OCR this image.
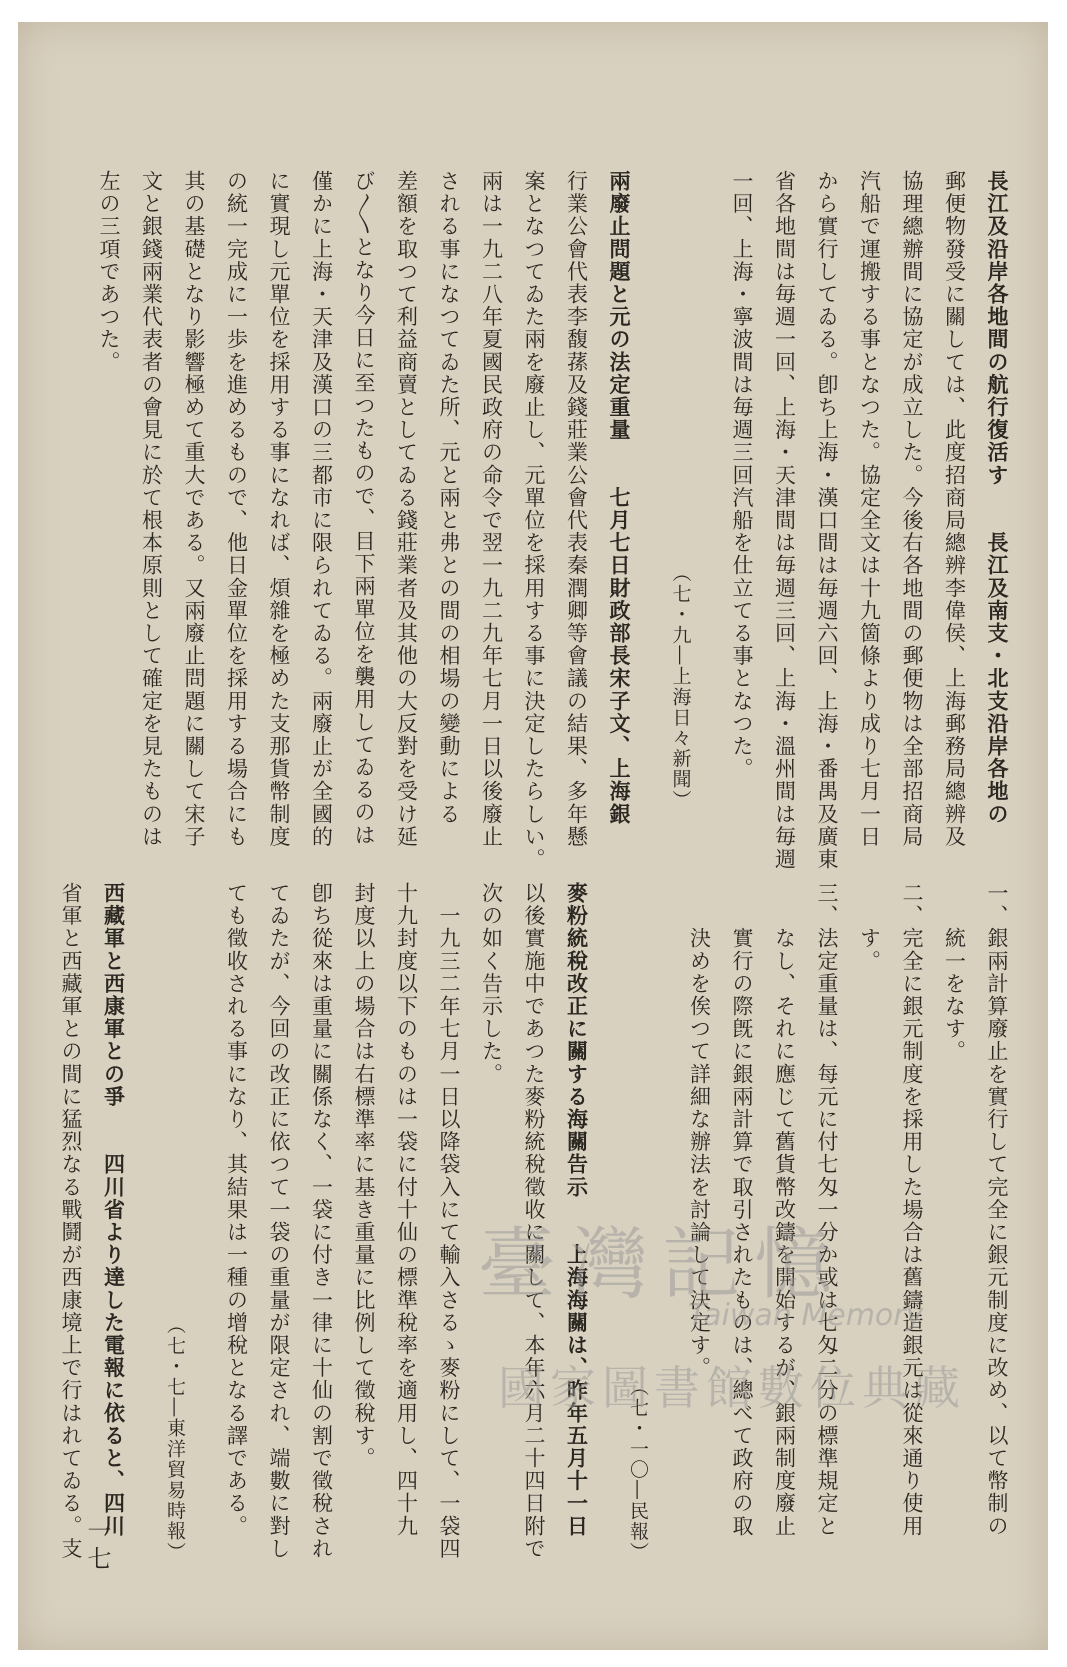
長江及沿岸各地間の航行復活す　　長江及南支・北支沿岸各地の

郵便物發受に關しては、此度招商局總辨李偉侯、上海郵務局總辨及

協理總辦間に協定が成立した。今後右各地間の郵便物は全部招商局

汽船で運搬する事となつた。協定全文は十九箇條より成り七月一日

から實行してゐる。卽ち上海・漢口間は毎週六回、上海・番禺及廣東

省各地間は毎週一回、上海・天津間は毎週三回、上海・溫州間は毎週

一回、上海・寧波間は毎週三回汽船を仕立てる事となつた。

（七・九―上海日々新聞）

兩廢止問題と元の法定重量　　七月七日財政部長宋子文、上海銀

行業公會代表李馥蓀及錢莊業公會代表秦潤卿等會議の結果、多年懸

案となつてゐた兩を廢止し、元單位を採用する事に決定したらしい。

兩は一九二八年夏國民政府の命令で翌一九二九年七月一日以後廢止

される事になつてゐた所、元と兩と弗との間の相場の變動による

差額を取つて利益商賣としてゐる錢莊業者及其他の大反對を受け延

び〳〵となり今日に至つたもので、目下兩單位を襲用してゐるのは

僅かに上海・天津及漢口の三都市に限られてゐる。兩廢止が全國的

に實現し元單位を採用する事になれば、煩雜を極めた支那貨幣制度

の統一完成に一歩を進めるもので、他日金單位を採用する場合にも

其の基礎となり影響極めて重大である。又兩廢止問題に關して宋子

文と銀錢兩業代表者の會見に於て根本原則として確定を見たものは

左の三項であつた。

一、銀兩計算廢止を實行して完全に銀元制度に改め、以て幣制の

　　統一をなす。

二、完全に銀元制度を採用した場合は舊鑄造銀元は從來通り使用

　　す。

三、法定重量は、每元に付七匁一分か或は七匁二分の標準規定と

　　なし、それに應じて舊貨幣改鑄を開始するが、銀兩制度廢止

　　實行の際旣に銀兩計算で取引されたものは、總べて政府の取

　　決めを俟つて詳細な辦法を討論して決定す。

（七・一〇―民報）

麥粉統稅改正に關する海關告示　　上海海關は、昨年五月十一日

以後實施中であつた麥粉統稅徵收に關して、本年六月二十四日附で

次の如く告示した。

　一九三二年七月一日以降袋入にて輸入さるゝ麥粉にして、一袋四

十九封度以下のものは一袋に付十仙の標準稅率を適用し、四十九

封度以上の場合は右標準率に基き重量に比例して徵稅す。

卽ち從來は重量に關係なく、一袋に付き一律に十仙の割で徵稅され

てゐたが、今回の改正に依つて一袋の重量が限定され、端數に對し

ても徵收される事になり、其結果は一種の增稅となる譯である。

（七・七―東洋貿易時報）

西藏軍と西康軍との爭　　四川省より達した電報に依ると、四川

省軍と西藏軍との間に猛烈なる戰鬪が西康境上で行はれてゐる。支 一七
臺灣記憶
Taiwan Memory
國家圖書館數位典藏
